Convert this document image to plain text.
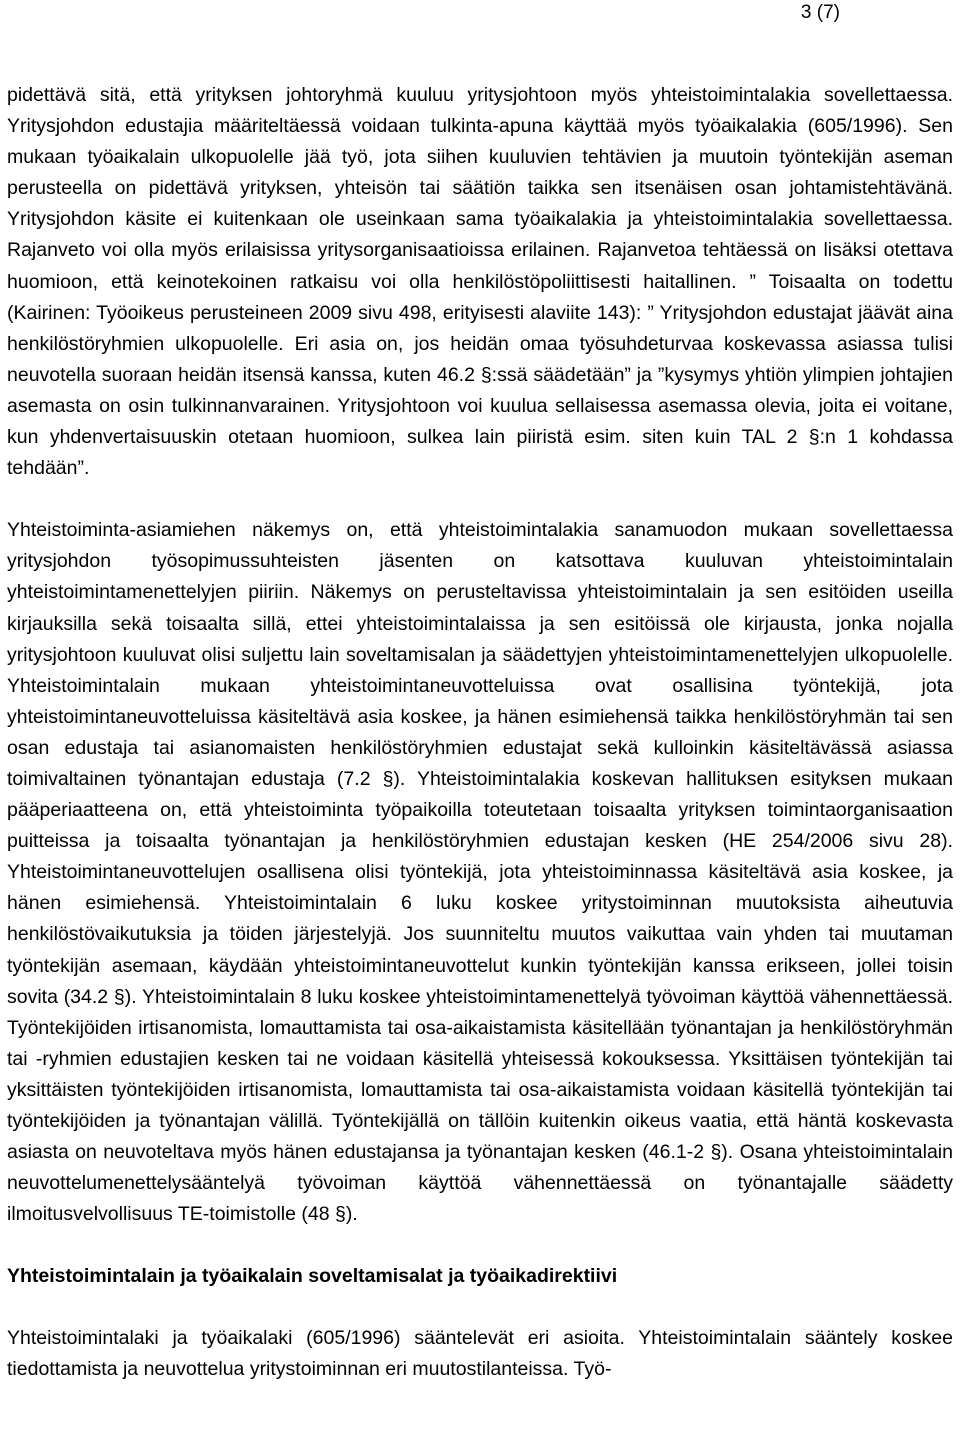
3 (7)

pidettävä sitä, että yrityksen johtoryhmä kuuluu yritysjohtoon myös yhteistoimintalakia sovellettaessa. Yritysjohdon edustajia määriteltäessä voidaan tulkinta-apuna käyttää myös työaikalakia (605/1996). Sen mukaan työaikalain ulkopuolelle jää työ, jota siihen kuuluvien tehtävien ja muutoin työntekijän aseman perusteella on pidettävä yrityksen, yhteisön tai säätiön taikka sen itsenäisen osan johtamistehtävänä. Yritysjohdon käsite ei kuitenkaan ole useinkaan sama työaikalakia ja yhteistoimintalakia sovellettaessa. Rajanveto voi olla myös erilaisissa yritysorganisaatioissa erilainen. Rajanvetoa tehtäessä on lisäksi otettava huomioon, että keinotekoinen ratkaisu voi olla henkilöstöpoliittisesti haitallinen. ” Toisaalta on todettu (Kairinen: Työoikeus perusteineen 2009 sivu 498, erityisesti alaviite 143): ” Yritysjohdon edustajat jäävät aina henkilöstöryhmien ulkopuolelle. Eri asia on, jos heidän omaa työsuhdeturvaa koskevassa asiassa tulisi neuvotella suoraan heidän itsensä kanssa, kuten 46.2 §:ssä säädetään” ja ”kysymys yhtiön ylimpien johtajien asemasta on osin tulkinnanvarainen. Yritysjohtoon voi kuulua sellaisessa asemassa olevia, joita ei voitane, kun yhdenvertaisuuskin otetaan huomioon, sulkea lain piiristä esim. siten kuin TAL 2 §:n 1 kohdassa tehdään”.

Yhteistoiminta-asiamiehen näkemys on, että yhteistoimintalakia sanamuodon mukaan sovellettaessa yritysjohdon työsopimussuhteisten jäsenten on katsottava kuuluvan yhteistoimintalain yhteistoimintamenettelyjen piiriin. Näkemys on perusteltavissa yhteistoimintalain ja sen esitöiden useilla kirjauksilla sekä toisaalta sillä, ettei yhteistoimintalaissa ja sen esitöissä ole kirjausta, jonka nojalla yritysjohtoon kuuluvat olisi suljettu lain soveltamisalan ja säädettyjen yhteistoimintamenettelyjen ulkopuolelle. Yhteistoimintalain mukaan yhteistoimintaneuvotteluissa ovat osallisina työntekijä, jota yhteistoimintaneuvotteluissa käsiteltävä asia koskee, ja hänen esimiehensä taikka henkilöstöryhmän tai sen osan edustaja tai asianomaisten henkilöstöryhmien edustajat sekä kulloinkin käsiteltävässä asiassa toimivaltainen työnantajan edustaja (7.2 §). Yhteistoimintalakia koskevan hallituksen esityksen mukaan pääperiaatteena on, että yhteistoiminta työpaikoilla toteutetaan toisaalta yrityksen toimintaorganisaation puitteissa ja toisaalta työnantajan ja henkilöstöryhmien edustajan kesken (HE 254/2006 sivu 28). Yhteistoimintaneuvottelujen osallisena olisi työntekijä, jota yhteistoiminnassa käsiteltävä asia koskee, ja hänen esimiehensä. Yhteistoimintalain 6 luku koskee yritystoiminnan muutoksista aiheutuvia henkilöstövaikutuksia ja töiden järjestelyjä. Jos suunniteltu muutos vaikuttaa vain yhden tai muutaman työntekijän asemaan, käydään yhteistoimintaneuvottelut kunkin työntekijän kanssa erikseen, jollei toisin sovita (34.2 §). Yhteistoimintalain 8 luku koskee yhteistoimintamenettelyä työvoiman käyttöä vähennettäessä. Työntekijöiden irtisanomista, lomauttamista tai osa-aikaistamista käsitellään työnantajan ja henkilöstöryhmän tai -ryhmien edustajien kesken tai ne voidaan käsitellä yhteisessä kokouksessa. Yksittäisen työntekijän tai yksittäisten työntekijöiden irtisanomista, lomauttamista tai osa-aikaistamista voidaan käsitellä työntekijän tai työntekijöiden ja työnantajan välillä. Työntekijällä on tällöin kuitenkin oikeus vaatia, että häntä koskevasta asiasta on neuvoteltava myös hänen edustajansa ja työnantajan kesken (46.1-2 §). Osana yhteistoimintalain neuvottelumenettelysääntelyä työvoiman käyttöä vähennettäessä on työnantajalle säädetty ilmoitusvelvollisuus TE-toimistolle (48 §).

Yhteistoimintalain ja työaikalain soveltamisalat ja työaikadirektiivi

Yhteistoimintalaki ja työaikalaki (605/1996) sääntelevät eri asioita. Yhteistoimintalain sääntely koskee tiedottamista ja neuvottelua yritystoiminnan eri muutostilanteissa. Työ-
